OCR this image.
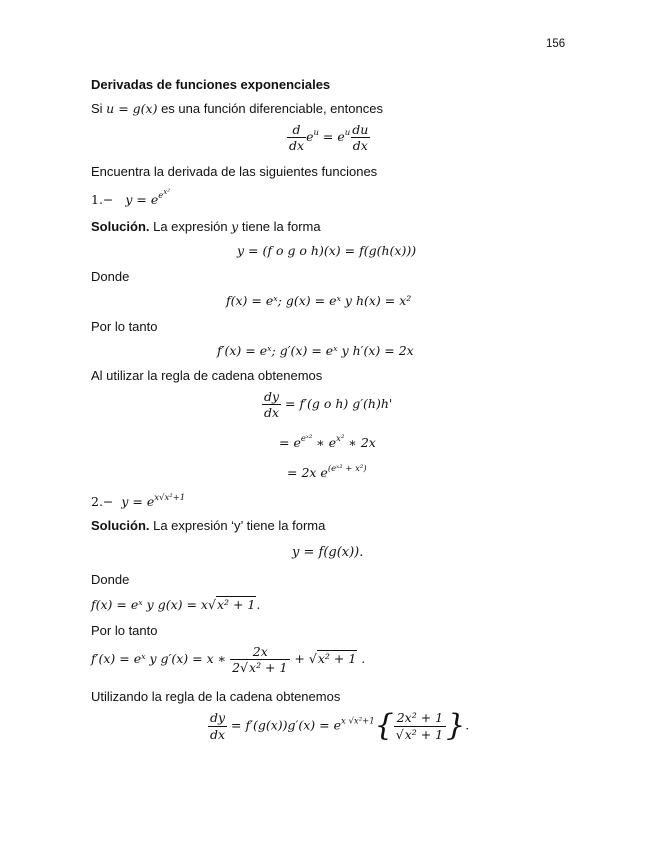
156
Derivadas de funciones exponenciales
Si u = g(x) es una función diferenciable, entonces
$\frac{d}{dx} e^u = e^u \frac{du}{dx}$
Encuentra la derivada de las siguientes funciones
$1.- y = e^{e^{x^2}}$
Solución. La expresión y tiene la forma
y = (f o g o h)(x) = f(g(h(x)))
Donde
f(x) = eˣ; g(x) = eˣ y h(x) = x²
Por lo tanto
f′(x) = eˣ; g′(x) = eˣ y h′(x) = 2x
Al utilizar la regla de cadena obtenemos
$\frac{dy}{dx} = f'(g$ o h) g′(h)h'
= $e^{eˣ^2}$ ∗ $e^{x^2}$ ∗ 2x
= 2x $e^{(eˣ^2 + x^2)}$
$2.- y = e^{x√x^2+1}$
Solución. La expresión ‘y’ tiene la forma
y = f(g(x)).
Donde
f(x) = eˣ y g(x) = x√x² + 1.
Por lo tanto
f′(x) = eˣ y g′(x) = x ∗ $\frac{2x}{\text{2√x² + 1}} + √x^2 + 1$ .
Utilizando la regla de la cadena obtenemos
$\frac{dy}{dx} = f'(g(x))g'(x) = e^{x √x^2+1}\{ \frac{\text{2x² + 1}}{\text{√x² + 1}}$ }.
